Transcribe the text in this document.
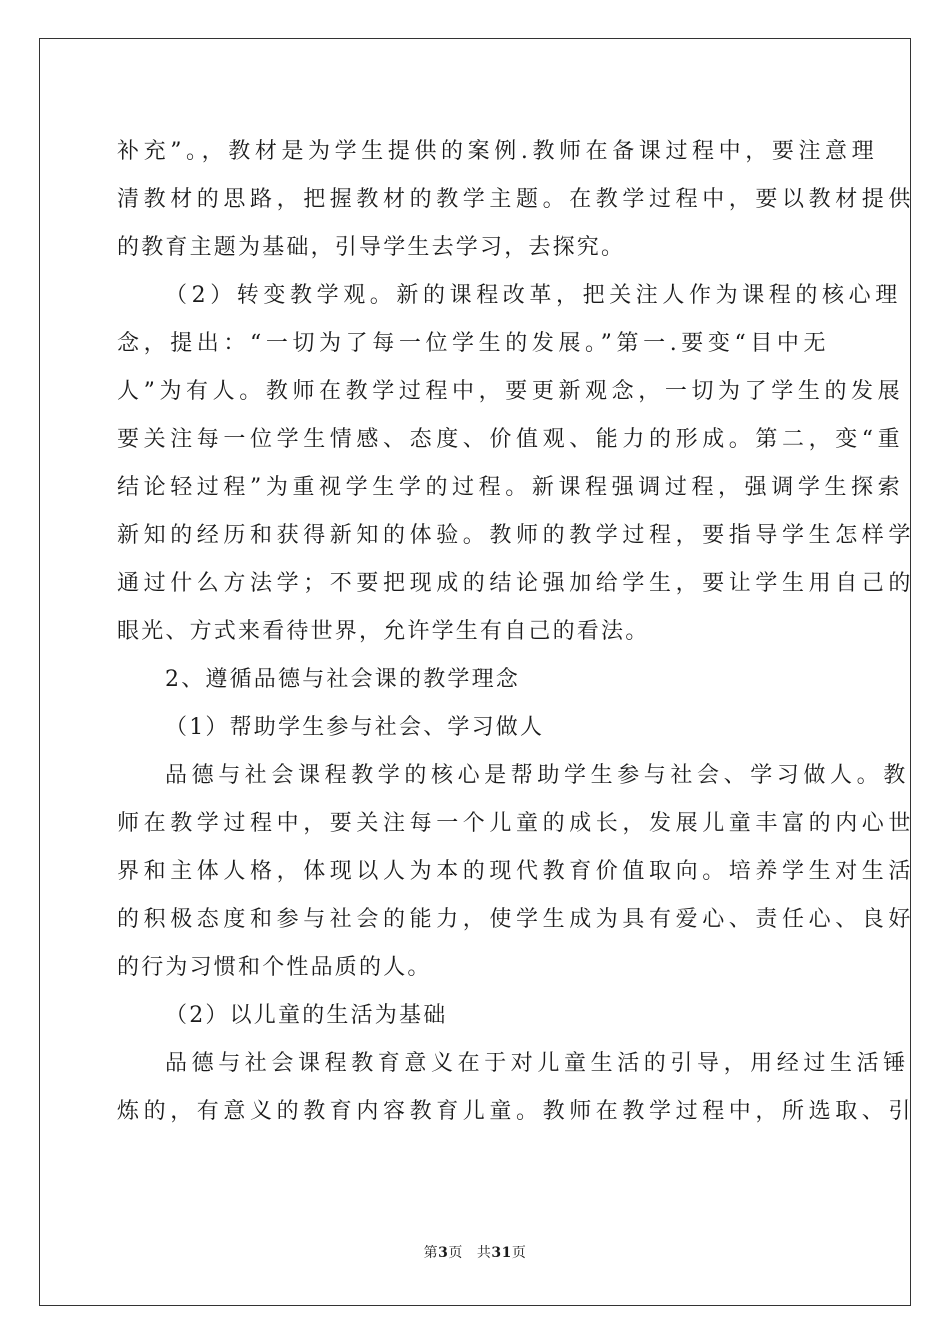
补充”。，教材是为学生提供的案例.教师在备课过程中，要注意理
清教材的思路，把握教材的教学主题。在教学过程中，要以教材提供
的教育主题为基础，引导学生去学习，去探究。
（2）转变教学观。新的课程改革，把关注人作为课程的核心理
念，提出：“一切为了每一位学生的发展。”第一.要变“目中无
人”为有人。教师在教学过程中，要更新观念，一切为了学生的发展
要关注每一位学生情感、态度、价值观、能力的形成。第二，变“重
结论轻过程”为重视学生学的过程。新课程强调过程，强调学生探索
新知的经历和获得新知的体验。教师的教学过程，要指导学生怎样学
通过什么方法学；不要把现成的结论强加给学生，要让学生用自己的
眼光、方式来看待世界，允许学生有自己的看法。
2、遵循品德与社会课的教学理念
（1）帮助学生参与社会、学习做人
品德与社会课程教学的核心是帮助学生参与社会、学习做人。教
师在教学过程中，要关注每一个儿童的成长，发展儿童丰富的内心世
界和主体人格，体现以人为本的现代教育价值取向。培养学生对生活
的积极态度和参与社会的能力，使学生成为具有爱心、责任心、良好
的行为习惯和个性品质的人。
（2）以儿童的生活为基础
品德与社会课程教育意义在于对儿童生活的引导，用经过生活锤
炼的，有意义的教育内容教育儿童。教师在教学过程中，所选取、引
第3页 共31页
